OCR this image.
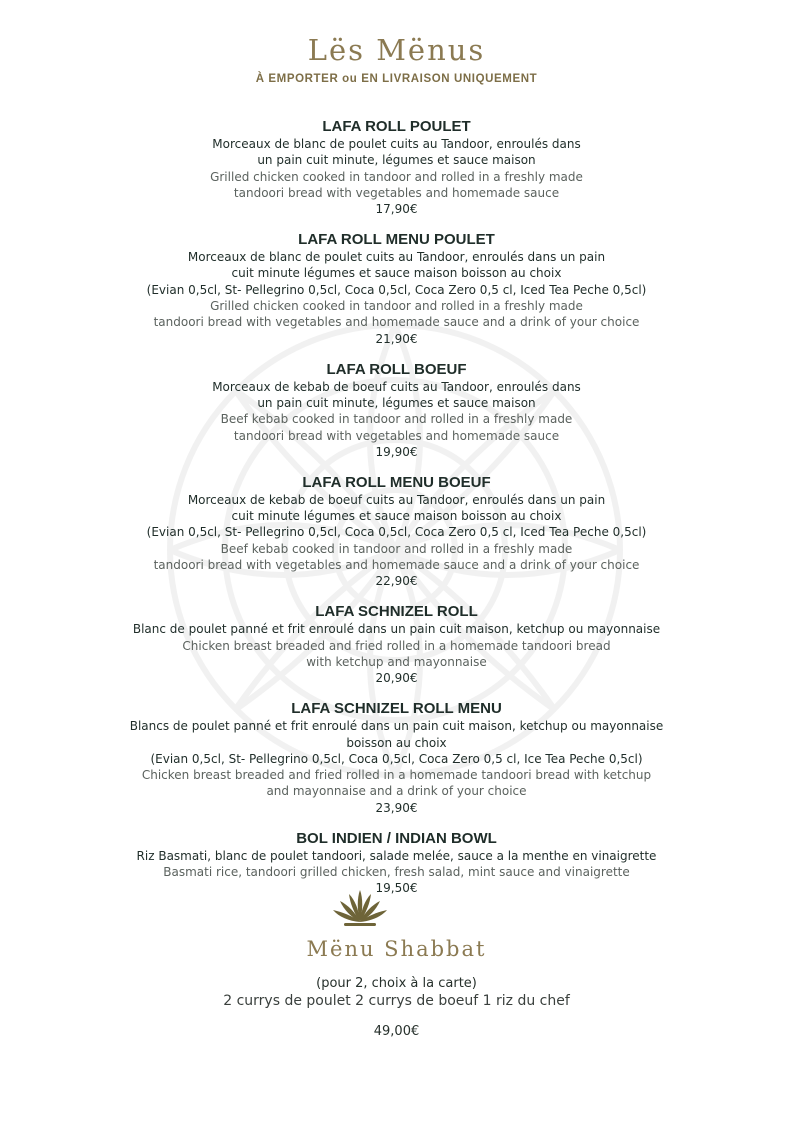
Lës Mënus
À EMPORTER ou EN LIVRAISON UNIQUEMENT
LAFA ROLL POULET
Morceaux de blanc de poulet cuits au Tandoor, enroulés dans
un pain cuit minute, légumes et sauce maison
Grilled chicken cooked in tandoor and rolled in a freshly made
tandoori bread with vegetables and homemade sauce
17,90€
LAFA ROLL MENU POULET
Morceaux de blanc de poulet cuits au Tandoor, enroulés dans un pain
cuit minute légumes et sauce maison boisson au choix
(Evian 0,5cl, St- Pellegrino 0,5cl, Coca 0,5cl, Coca Zero 0,5 cl, Iced Tea Peche 0,5cl)
Grilled chicken cooked in tandoor and rolled in a freshly made
tandoori bread with vegetables and homemade sauce and a drink of your choice
21,90€
LAFA ROLL BOEUF
Morceaux de kebab de boeuf cuits au Tandoor, enroulés dans
un pain cuit minute, légumes et sauce maison
Beef kebab cooked in tandoor and rolled in a freshly made
tandoori bread with vegetables and homemade sauce
19,90€
LAFA ROLL MENU BOEUF
Morceaux de kebab de boeuf cuits au Tandoor, enroulés dans un pain
cuit minute légumes et sauce maison boisson au choix
(Evian 0,5cl, St- Pellegrino 0,5cl, Coca 0,5cl, Coca Zero 0,5 cl, Iced Tea Peche 0,5cl)
Beef kebab cooked in tandoor and rolled in a freshly made
tandoori bread with vegetables and homemade sauce and a drink of your choice
22,90€
LAFA SCHNIZEL ROLL
Blanc de poulet panné et frit enroulé dans un pain cuit maison, ketchup ou mayonnaise
Chicken breast breaded and fried rolled in a homemade tandoori bread
with ketchup and mayonnaise
20,90€
LAFA SCHNIZEL ROLL MENU
Blancs de poulet panné et frit enroulé dans un pain cuit maison, ketchup ou mayonnaise
boisson au choix
(Evian 0,5cl, St- Pellegrino 0,5cl, Coca 0,5cl, Coca Zero 0,5 cl, Ice Tea Peche 0,5cl)
Chicken breast breaded and fried rolled in a homemade tandoori bread with ketchup
and mayonnaise and a drink of your choice
23,90€
BOL INDIEN / INDIAN BOWL
Riz Basmati, blanc de poulet tandoori, salade melée, sauce a la menthe en vinaigrette
Basmati rice, tandoori grilled chicken, fresh salad, mint sauce and vinaigrette
19,50€
Mënu Shabbat
(pour 2, choix à la carte)
2 currys de poulet 2 currys de boeuf 1 riz du chef
49,00€
